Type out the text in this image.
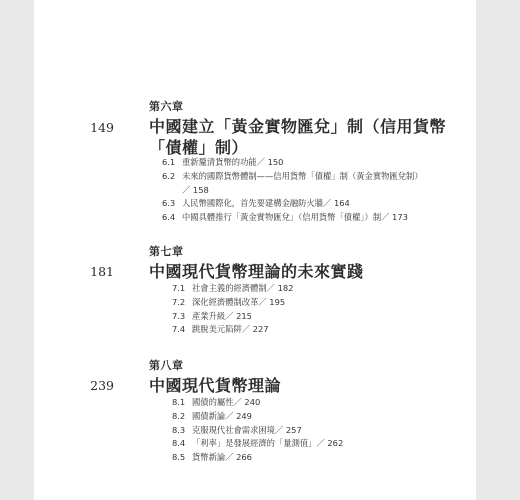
第六章
149 中國建立「黃金實物匯兌」制（信用貨幣
「債權」制）
6.1 重新釐清貨幣的功能／ 150
6.2 未來的國際貨幣體制——信用貨幣「債權」制（黃金實物匯兌制）
／ 158
6.3 人民幣國際化，首先要建構金融防火牆／ 164
6.4 中國具體推行「黃金實物匯兌」（信用貨幣「債權」）制／ 173
第七章
181 中國現代貨幣理論的未來實踐
7.1 社會主義的經濟體制／ 182
7.2 深化經濟體制改革／ 195
7.3 產業升級／ 215
7.4 跳脫美元陷阱／ 227
第八章
239 中國現代貨幣理論
8.1 國債的屬性／ 240
8.2 國債新論／ 249
8.3 克服現代社會需求困境／ 257
8.4 「利率」是發展經濟的「量測值」／ 262
8.5 貨幣新論／ 266
